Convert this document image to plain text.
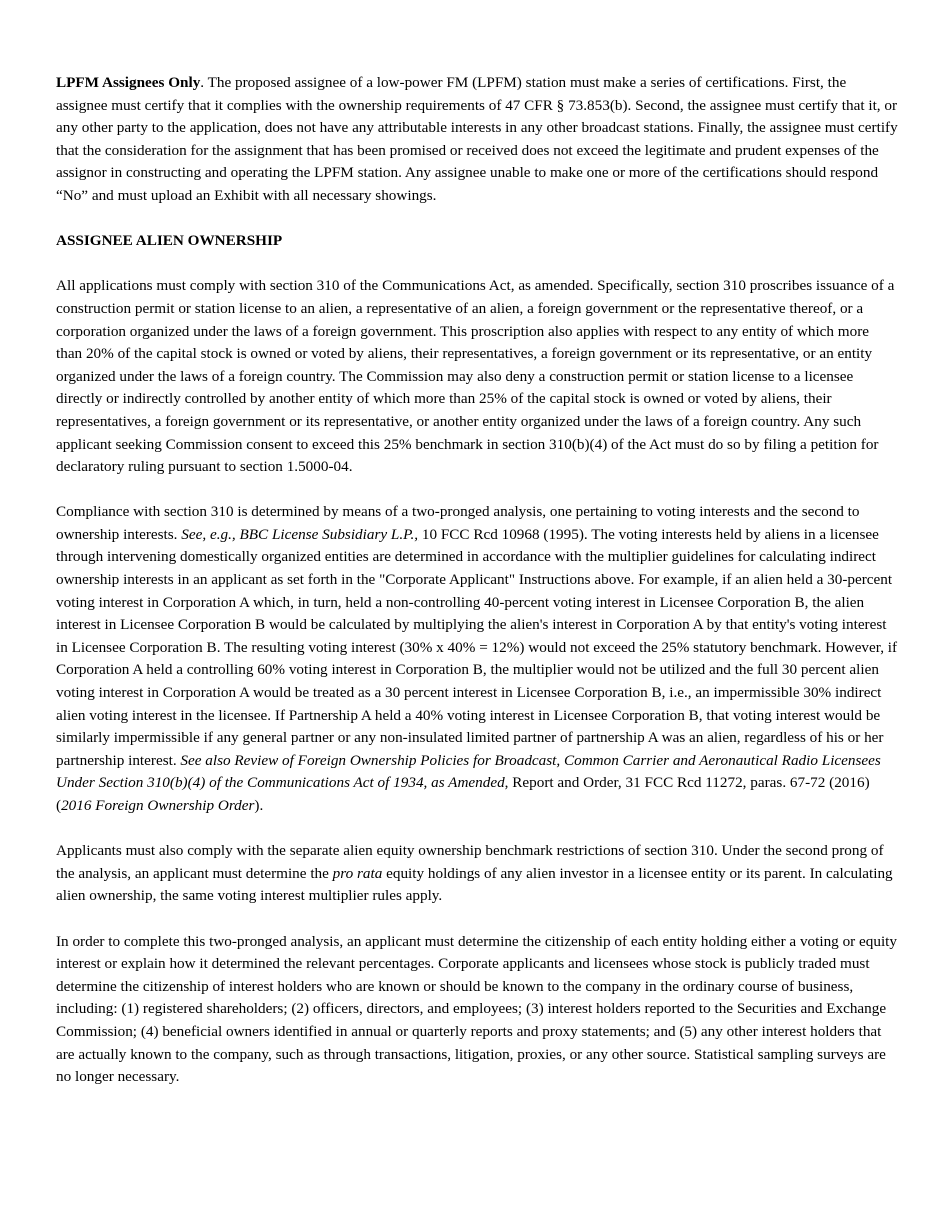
LPFM Assignees Only. The proposed assignee of a low-power FM (LPFM) station must make a series of certifications. First, the assignee must certify that it complies with the ownership requirements of 47 CFR § 73.853(b). Second, the assignee must certify that it, or any other party to the application, does not have any attributable interests in any other broadcast stations. Finally, the assignee must certify that the consideration for the assignment that has been promised or received does not exceed the legitimate and prudent expenses of the assignor in constructing and operating the LPFM station. Any assignee unable to make one or more of the certifications should respond “No” and must upload an Exhibit with all necessary showings.

ASSIGNEE ALIEN OWNERSHIP

All applications must comply with section 310 of the Communications Act, as amended. Specifically, section 310 proscribes issuance of a construction permit or station license to an alien, a representative of an alien, a foreign government or the representative thereof, or a corporation organized under the laws of a foreign government. This proscription also applies with respect to any entity of which more than 20% of the capital stock is owned or voted by aliens, their representatives, a foreign government or its representative, or an entity organized under the laws of a foreign country. The Commission may also deny a construction permit or station license to a licensee directly or indirectly controlled by another entity of which more than 25% of the capital stock is owned or voted by aliens, their representatives, a foreign government or its representative, or another entity organized under the laws of a foreign country. Any such applicant seeking Commission consent to exceed this 25% benchmark in section 310(b)(4) of the Act must do so by filing a petition for declaratory ruling pursuant to section 1.5000-04.

Compliance with section 310 is determined by means of a two-pronged analysis, one pertaining to voting interests and the second to ownership interests. See, e.g., BBC License Subsidiary L.P., 10 FCC Rcd 10968 (1995). The voting interests held by aliens in a licensee through intervening domestically organized entities are determined in accordance with the multiplier guidelines for calculating indirect ownership interests in an applicant as set forth in the "Corporate Applicant" Instructions above. For example, if an alien held a 30-percent voting interest in Corporation A which, in turn, held a non-controlling 40-percent voting interest in Licensee Corporation B, the alien interest in Licensee Corporation B would be calculated by multiplying the alien's interest in Corporation A by that entity's voting interest in Licensee Corporation B. The resulting voting interest (30% x 40% = 12%) would not exceed the 25% statutory benchmark. However, if Corporation A held a controlling 60% voting interest in Corporation B, the multiplier would not be utilized and the full 30 percent alien voting interest in Corporation A would be treated as a 30 percent interest in Licensee Corporation B, i.e., an impermissible 30% indirect alien voting interest in the licensee. If Partnership A held a 40% voting interest in Licensee Corporation B, that voting interest would be similarly impermissible if any general partner or any non-insulated limited partner of partnership A was an alien, regardless of his or her partnership interest. See also Review of Foreign Ownership Policies for Broadcast, Common Carrier and Aeronautical Radio Licensees Under Section 310(b)(4) of the Communications Act of 1934, as Amended, Report and Order, 31 FCC Rcd 11272, paras. 67-72 (2016) (2016 Foreign Ownership Order).

Applicants must also comply with the separate alien equity ownership benchmark restrictions of section 310. Under the second prong of the analysis, an applicant must determine the pro rata equity holdings of any alien investor in a licensee entity or its parent. In calculating alien ownership, the same voting interest multiplier rules apply.

In order to complete this two-pronged analysis, an applicant must determine the citizenship of each entity holding either a voting or equity interest or explain how it determined the relevant percentages. Corporate applicants and licensees whose stock is publicly traded must determine the citizenship of interest holders who are known or should be known to the company in the ordinary course of business, including: (1) registered shareholders; (2) officers, directors, and employees; (3) interest holders reported to the Securities and Exchange Commission; (4) beneficial owners identified in annual or quarterly reports and proxy statements; and (5) any other interest holders that are actually known to the company, such as through transactions, litigation, proxies, or any other source. Statistical sampling surveys are no longer necessary.
